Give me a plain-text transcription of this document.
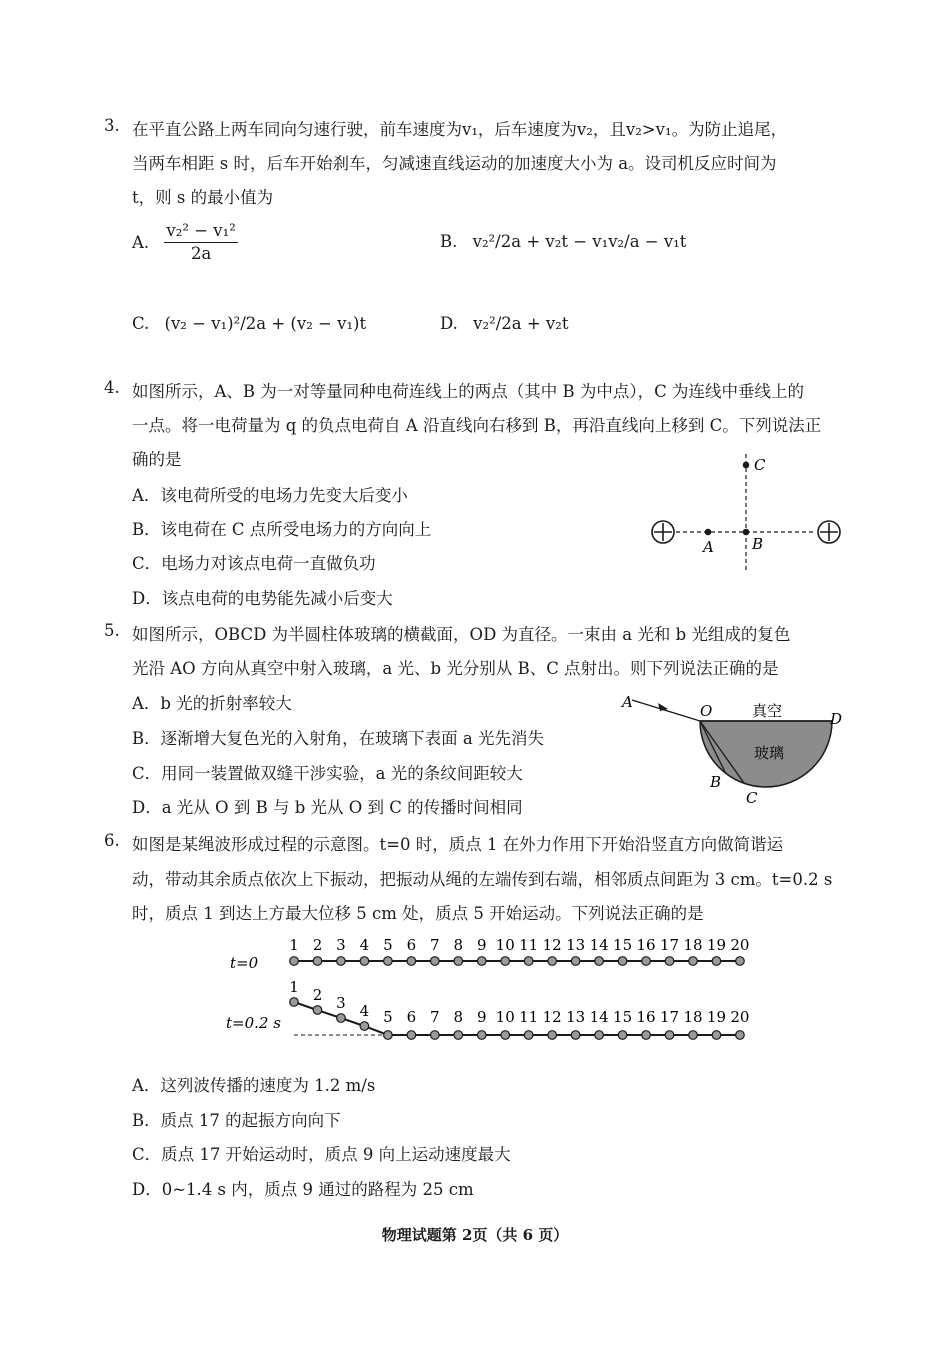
3. 在平直公路上两车同向匀速行驶，前车速度为v₁，后车速度为v₂，且v₂>v₁。为防止追尾，
当两车相距 s 时，后车开始刹车，匀减速直线运动的加速度大小为 a。设司机反应时间为
t，则 s 的最小值为
A. $\frac{\text{v₂² − v₁²}}{2a}$	B. v₂²/2a + v₂t − v₁v₂/a − v₁t
C. (v₂ − v₁)²/2a + (v₂ − v₁)t	D. v₂²/2a + v₂t
4. 如图所示，A、B 为一对等量同种电荷连线上的两点（其中 B 为中点），C 为连线中垂线上的
一点。将一电荷量为 q 的负点电荷自 A 沿直线向右移到 B，再沿直线向上移到 C。下列说法正
确的是
A．该电荷所受的电场力先变大后变小
B．该电荷在 C 点所受电场力的方向向上
C．电场力对该点电荷一直做负功
D．该点电荷的电势能先减小后变大
A	B
C
5. 如图所示，OBCD 为半圆柱体玻璃的横截面，OD 为直径。一束由 a 光和 b 光组成的复色
光沿 AO 方向从真空中射入玻璃，a 光、b 光分别从 B、C 点射出。则下列说法正确的是
A．b 光的折射率较大
B．逐渐增大复色光的入射角，在玻璃下表面 a 光先消失
C．用同一装置做双缝干涉实验，a 光的条纹间距较大
D．a 光从 O 到 B 与 b 光从 O 到 C 的传播时间相同
A	O	D
B
C
真空
玻璃
6. 如图是某绳波形成过程的示意图。t=0 时，质点 1 在外力作用下开始沿竖直方向做简谐运
动，带动其余质点依次上下振动，把振动从绳的左端传到右端，相邻质点间距为 3 cm。t=0.2 s
时，质点 1 到达上方最大位移 5 cm 处，质点 5 开始运动。下列说法正确的是
t=0
t=0.2 s
1
1
2
2
3
3
4
4
5
5
6
6
7
7
8
8
9
9
10
10
11
11
12
12
13
13
14
14
15
15
16
16
17
17
18
18
19
19
20
20
A．这列波传播的速度为 1.2 m/s
B．质点 17 的起振方向向下
C．质点 17 开始运动时，质点 9 向上运动速度最大
D．0~1.4 s 内，质点 9 通过的路程为 25 cm
物理试题第 2页（共 6 页）
